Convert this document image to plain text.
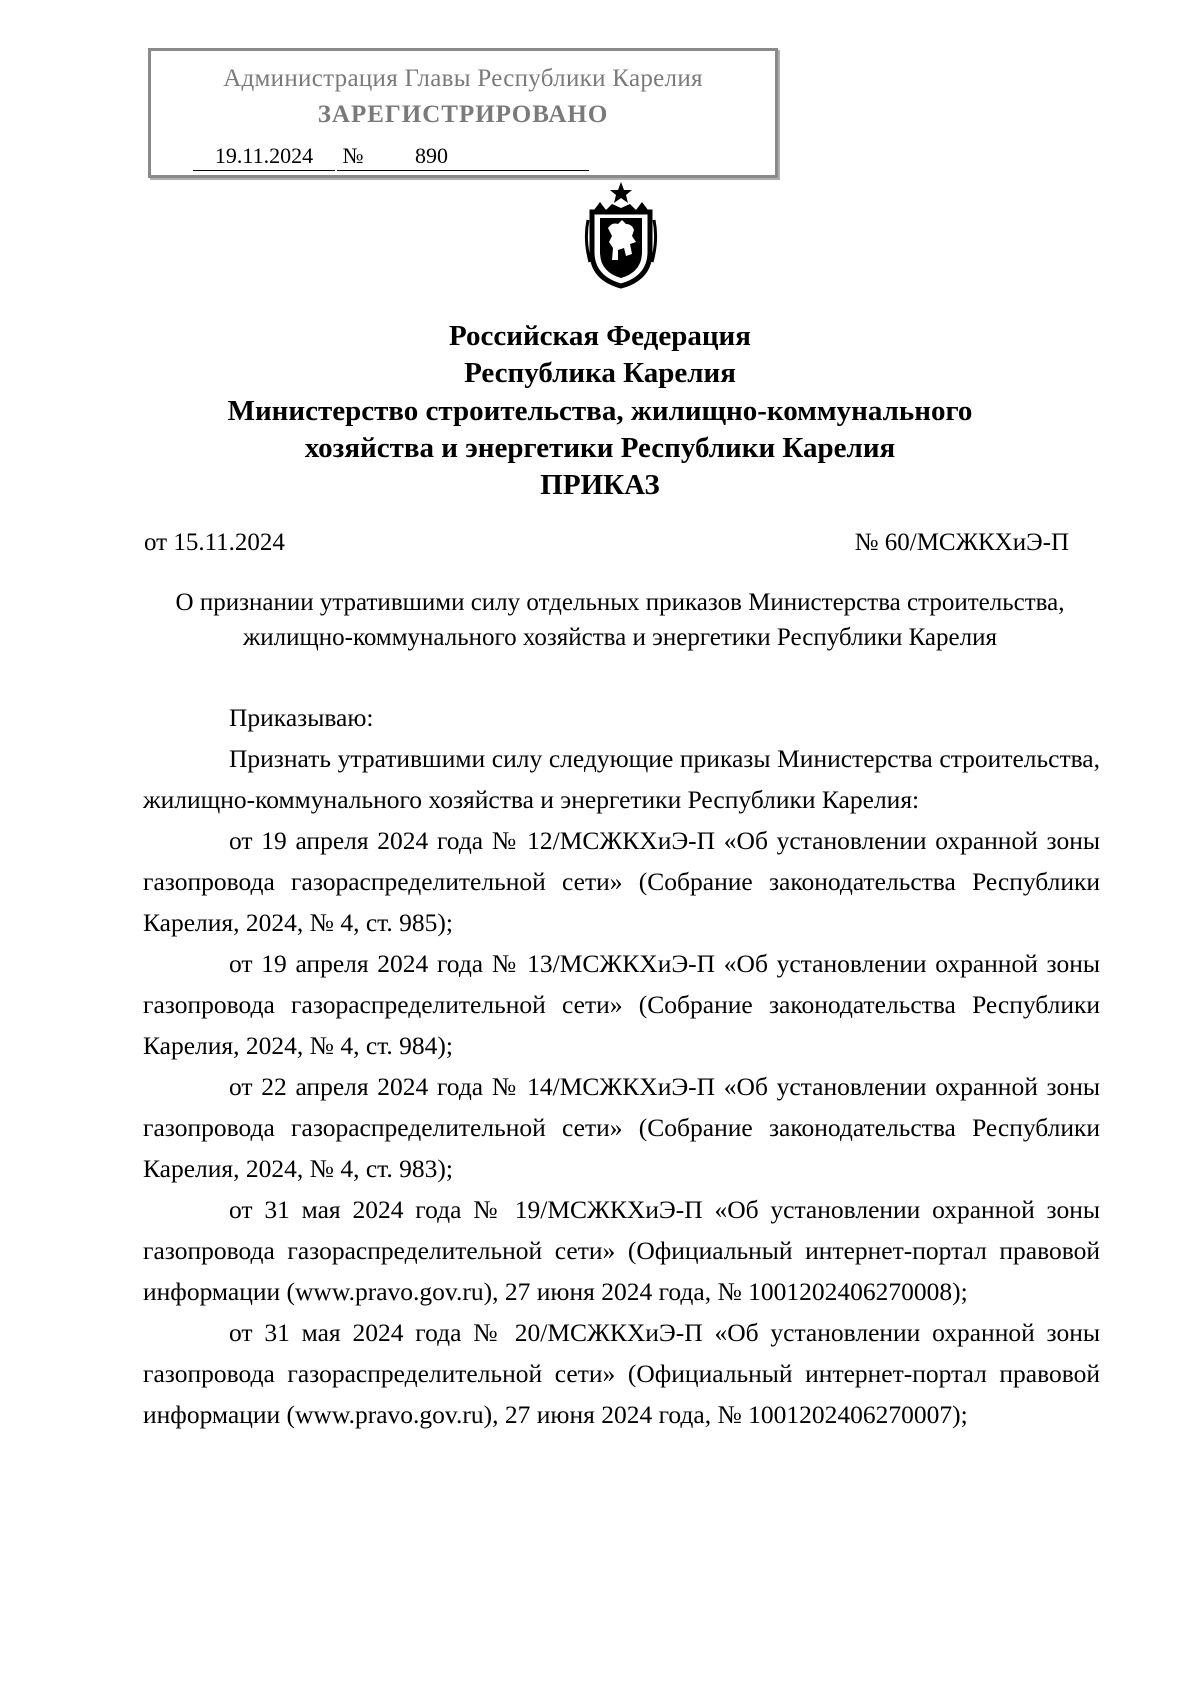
Администрация Главы Республики Карелия
ЗАРЕГИСТРИРОВАНО
19.11.2024	№	890
Российская Федерация
Республика Карелия
Министерство строительства, жилищно-коммунального
хозяйства и энергетики Республики Карелия
ПРИКАЗ
от 15.11.2024	№ 60/МСЖКХиЭ-П
О признании утратившими силу отдельных приказов Министерства строительства, жилищно-коммунального хозяйства и энергетики Республики Карелия

Приказываю:

Признать утратившими силу следующие приказы Министерства строительства, жилищно-коммунального хозяйства и энергетики Республики Карелия:

от 19 апреля 2024 года № 12/МСЖКХиЭ-П «Об установлении охранной зоны газопровода газораспределительной сети» (Собрание законодательства Республики Карелия, 2024, № 4, ст. 985);

от 19 апреля 2024 года № 13/МСЖКХиЭ-П «Об установлении охранной зоны газопровода газораспределительной сети» (Собрание законодательства Республики Карелия, 2024, № 4, ст. 984);

от 22 апреля 2024 года № 14/МСЖКХиЭ-П «Об установлении охранной зоны газопровода газораспределительной сети» (Собрание законодательства Республики Карелия, 2024, № 4, ст. 983);

от 31 мая 2024 года № 19/МСЖКХиЭ-П «Об установлении охранной зоны газопровода газораспределительной сети» (Официальный интернет-портал правовой информации (www.pravo.gov.ru), 27 июня 2024 года, № 1001202406270008);

от 31 мая 2024 года № 20/МСЖКХиЭ-П «Об установлении охранной зоны газопровода газораспределительной сети» (Официальный интернет-портал правовой информации (www.pravo.gov.ru), 27 июня 2024 года, № 1001202406270007);
